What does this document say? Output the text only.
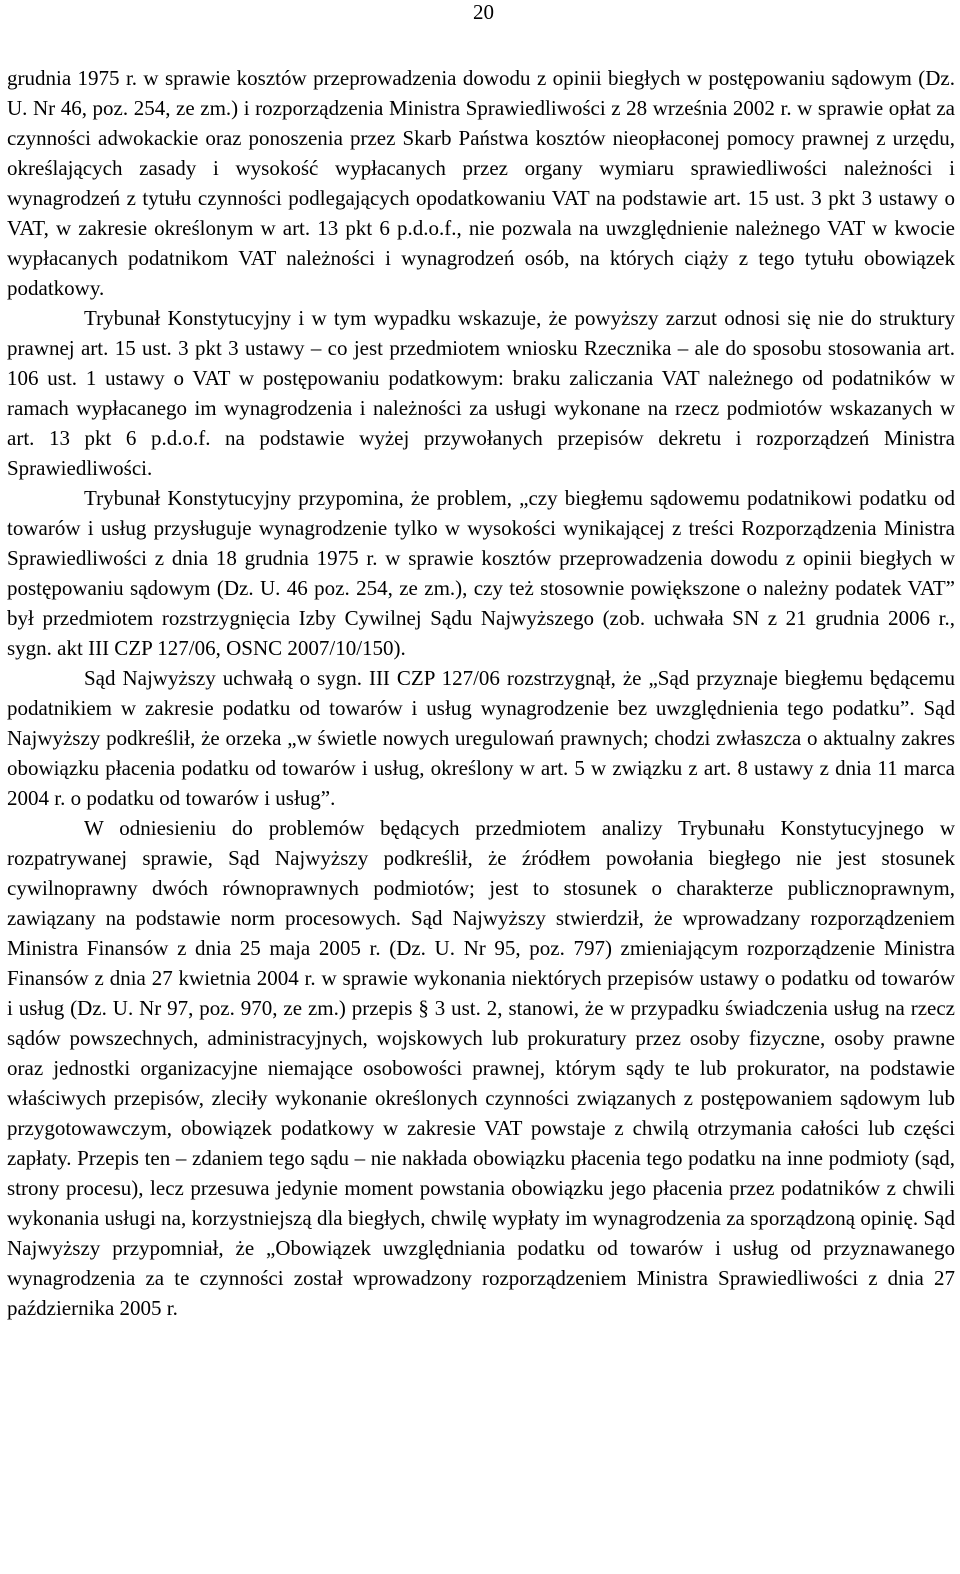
20

grudnia 1975 r. w sprawie kosztów przeprowadzenia dowodu z opinii biegłych w postępowaniu sądowym (Dz. U. Nr 46, poz. 254, ze zm.) i rozporządzenia Ministra Sprawiedliwości z 28 września 2002 r. w sprawie opłat za czynności adwokackie oraz ponoszenia przez Skarb Państwa kosztów nieopłaconej pomocy prawnej z urzędu, określających zasady i wysokość wypłacanych przez organy wymiaru sprawiedliwości należności i wynagrodzeń z tytułu czynności podlegających opodatkowaniu VAT na podstawie art. 15 ust. 3 pkt 3 ustawy o VAT, w zakresie określonym w art. 13 pkt 6 p.d.o.f., nie pozwala na uwzględnienie należnego VAT w kwocie wypłacanych podatnikom VAT należności i wynagrodzeń osób, na których ciąży z tego tytułu obowiązek podatkowy.

Trybunał Konstytucyjny i w tym wypadku wskazuje, że powyższy zarzut odnosi się nie do struktury prawnej art. 15 ust. 3 pkt 3 ustawy – co jest przedmiotem wniosku Rzecznika – ale do sposobu stosowania art. 106 ust. 1 ustawy o VAT w postępowaniu podatkowym: braku zaliczania VAT należnego od podatników w ramach wypłacanego im wynagrodzenia i należności za usługi wykonane na rzecz podmiotów wskazanych w art. 13 pkt 6 p.d.o.f. na podstawie wyżej przywołanych przepisów dekretu i rozporządzeń Ministra Sprawiedliwości.

Trybunał Konstytucyjny przypomina, że problem, „czy biegłemu sądowemu podatnikowi podatku od towarów i usług przysługuje wynagrodzenie tylko w wysokości wynikającej z treści Rozporządzenia Ministra Sprawiedliwości z dnia 18 grudnia 1975 r. w sprawie kosztów przeprowadzenia dowodu z opinii biegłych w postępowaniu sądowym (Dz. U. 46 poz. 254, ze zm.), czy też stosownie powiększone o należny podatek VAT” był przedmiotem rozstrzygnięcia Izby Cywilnej Sądu Najwyższego (zob. uchwała SN z 21 grudnia 2006 r., sygn. akt III CZP 127/06, OSNC 2007/10/150).

Sąd Najwyższy uchwałą o sygn. III CZP 127/06 rozstrzygnął, że „Sąd przyznaje biegłemu będącemu podatnikiem w zakresie podatku od towarów i usług wynagrodzenie bez uwzględnienia tego podatku”. Sąd Najwyższy podkreślił, że orzeka „w świetle nowych uregulowań prawnych; chodzi zwłaszcza o aktualny zakres obowiązku płacenia podatku od towarów i usług, określony w art. 5 w związku z art. 8 ustawy z dnia 11 marca 2004 r. o podatku od towarów i usług”.

W odniesieniu do problemów będących przedmiotem analizy Trybunału Konstytucyjnego w rozpatrywanej sprawie, Sąd Najwyższy podkreślił, że źródłem powołania biegłego nie jest stosunek cywilnoprawny dwóch równoprawnych podmiotów; jest to stosunek o charakterze publicznoprawnym, zawiązany na podstawie norm procesowych. Sąd Najwyższy stwierdził, że wprowadzany rozporządzeniem Ministra Finansów z dnia 25 maja 2005 r. (Dz. U. Nr 95, poz. 797) zmieniającym rozporządzenie Ministra Finansów z dnia 27 kwietnia 2004 r. w sprawie wykonania niektórych przepisów ustawy o podatku od towarów i usług (Dz. U. Nr 97, poz. 970, ze zm.) przepis § 3 ust. 2, stanowi, że w przypadku świadczenia usług na rzecz sądów powszechnych, administracyjnych, wojskowych lub prokuratury przez osoby fizyczne, osoby prawne oraz jednostki organizacyjne niemające osobowości prawnej, którym sądy te lub prokurator, na podstawie właściwych przepisów, zleciły wykonanie określonych czynności związanych z postępowaniem sądowym lub przygotowawczym, obowiązek podatkowy w zakresie VAT powstaje z chwilą otrzymania całości lub części zapłaty. Przepis ten – zdaniem tego sądu – nie nakłada obowiązku płacenia tego podatku na inne podmioty (sąd, strony procesu), lecz przesuwa jedynie moment powstania obowiązku jego płacenia przez podatników z chwili wykonania usługi na, korzystniejszą dla biegłych, chwilę wypłaty im wynagrodzenia za sporządzoną opinię. Sąd Najwyższy przypomniał, że „Obowiązek uwzględniania podatku od towarów i usług od przyznawanego wynagrodzenia za te czynności został wprowadzony rozporządzeniem Ministra Sprawiedliwości z dnia 27 października 2005 r.
